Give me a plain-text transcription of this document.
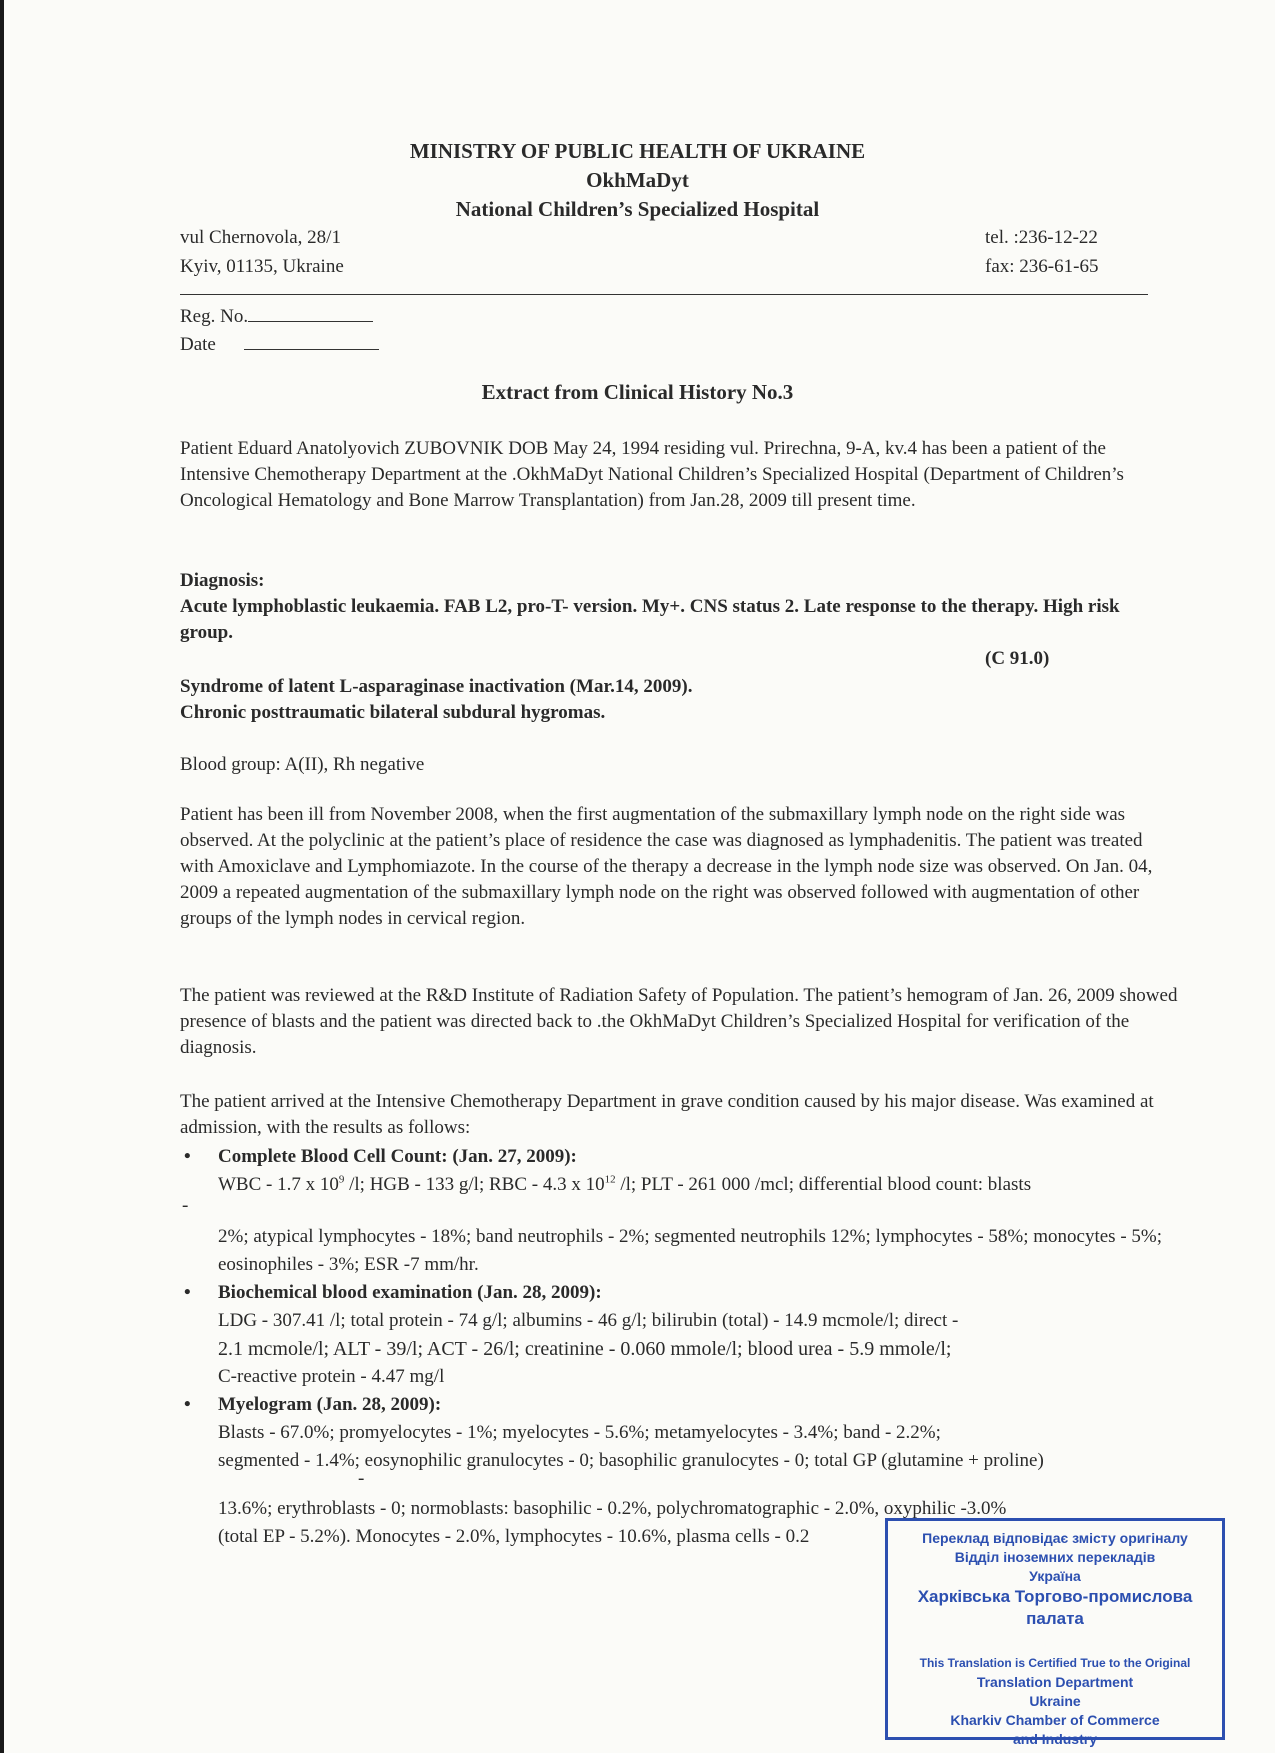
MINISTRY OF PUBLIC HEALTH OF UKRAINE
OkhMaDyt
National Children’s Specialized Hospital
vul Chernovola, 28/1
Kyiv, 01135, Ukraine
tel. :236-12-22
fax: 236-61-65
Reg. No.
Date
Extract from Clinical History No.3
Patient Eduard Anatolyovich ZUBOVNIK DOB May 24, 1994 residing vul. Prirechna, 9-A, kv.4 has been a patient of the Intensive Chemotherapy Department at the .OkhMaDyt National Children’s Specialized Hospital (Department of Children’s Oncological Hematology and Bone Marrow Transplantation) from Jan.28, 2009 till present time.
Diagnosis:
Acute lymphoblastic leukaemia. FAB L2, pro-T- version. My+. CNS status 2. Late response to the therapy. High risk group.
(C 91.0)
Syndrome of latent L-asparaginase inactivation (Mar.14, 2009).
Chronic posttraumatic bilateral subdural hygromas.
Blood group: A(II), Rh negative
Patient has been ill from November 2008, when the first augmentation of the submaxillary lymph node on the right side was observed. At the polyclinic at the patient’s place of residence the case was diagnosed as lymphadenitis. The patient was treated with Amoxiclave and Lymphomiazote. In the course of the therapy a decrease in the lymph node size was observed. On Jan. 04, 2009 a repeated augmentation of the submaxillary lymph node on the right was observed followed with augmentation of other groups of the lymph nodes in cervical region.
The patient was reviewed at the R&D Institute of Radiation Safety of Population. The patient’s hemogram of Jan. 26, 2009 showed presence of blasts and the patient was directed back to .the OkhMaDyt Children’s Specialized Hospital for verification of the diagnosis.
The patient arrived at the Intensive Chemotherapy Department in grave condition caused by his major disease. Was examined at admission, with the results as follows:
• Complete Blood Cell Count: (Jan. 27, 2009):
WBC - 1.7 x $10^9$ /l; HGB - 133 g/l; RBC - 4.3 x $10^{12}$ /l; PLT - 261 000 /mcl; differential blood count: blasts
-
2%; atypical lymphocytes - 18%; band neutrophils - 2%; segmented neutrophils 12%; lymphocytes - 58%; monocytes - 5%; eosinophiles - 3%; ESR -7 mm/hr.
• Biochemical blood examination (Jan. 28, 2009):
LDG - 307.41 /l; total protein - 74 g/l; albumins - 46 g/l; bilirubin (total) - 14.9 mcmole/l; direct -
2.1 mcmole/l; ALT - 39/l; ACT - 26/l; creatinine - 0.060 mmole/l; blood urea - 5.9 mmole/l;
C-reactive protein - 4.47 mg/l
• Myelogram (Jan. 28, 2009):
Blasts - 67.0%; promyelocytes - 1%; myelocytes - 5.6%; metamyelocytes - 3.4%; band - 2.2%;
segmented - 1.4%; eosynophilic granulocytes - 0; basophilic granulocytes - 0; total GP (glutamine + proline)
-
13.6%; erythroblasts - 0; normoblasts: basophilic - 0.2%, polychromatographic - 2.0%, oxyphilic -3.0%
(total EP - 5.2%). Monocytes - 2.0%, lymphocytes - 10.6%, plasma cells - 0.2	Переклад відповідає змісту оригіналу
Відділ іноземних перекладів
Україна
Харківська Торгово-промислова
палата
This Translation is Certified True to the Original
Translation Department
Ukraine
Kharkiv Chamber of Commerce
and Industry
